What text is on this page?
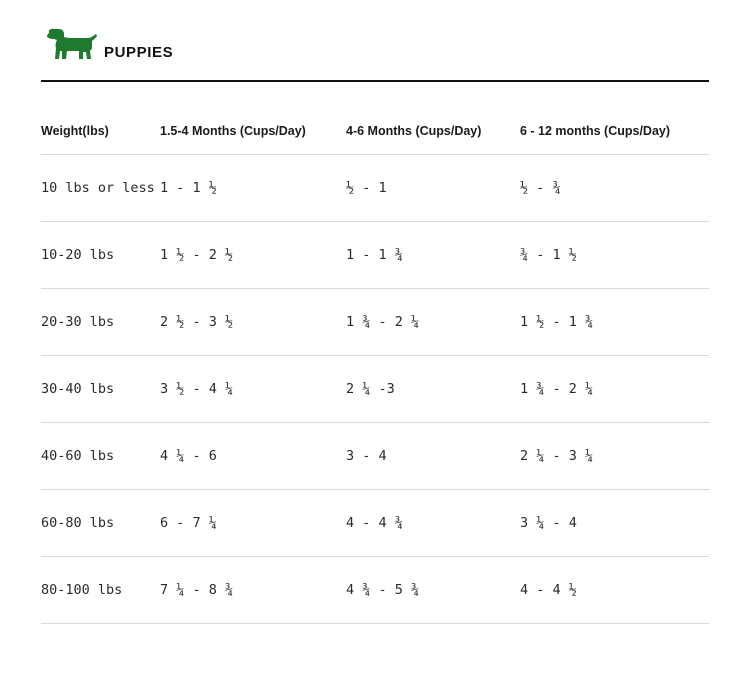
PUPPIES
Weight(lbs)	1.5-4 Months (Cups/Day)	4-6 Months (Cups/Day)	6 - 12 months (Cups/Day)
10 lbs or less	1 - 1 ½	½ - 1	½ - ¾
10-20 lbs	1 ½ - 2 ½	1 - 1 ¾	¾ - 1 ½
20-30 lbs	2 ½ - 3 ½	1 ¾ - 2 ¼	1 ½ - 1 ¾
30-40 lbs	3 ½ - 4 ¼	2 ¼ -3	1 ¾ - 2 ¼
40-60 lbs	4 ¼ - 6	3 - 4	2 ¼ - 3 ¼
60-80 lbs	6 - 7 ¼	4 - 4 ¾	3 ¼ - 4
80-100 lbs	7 ¼ - 8 ¾	4 ¾ - 5 ¾	4 - 4 ½
